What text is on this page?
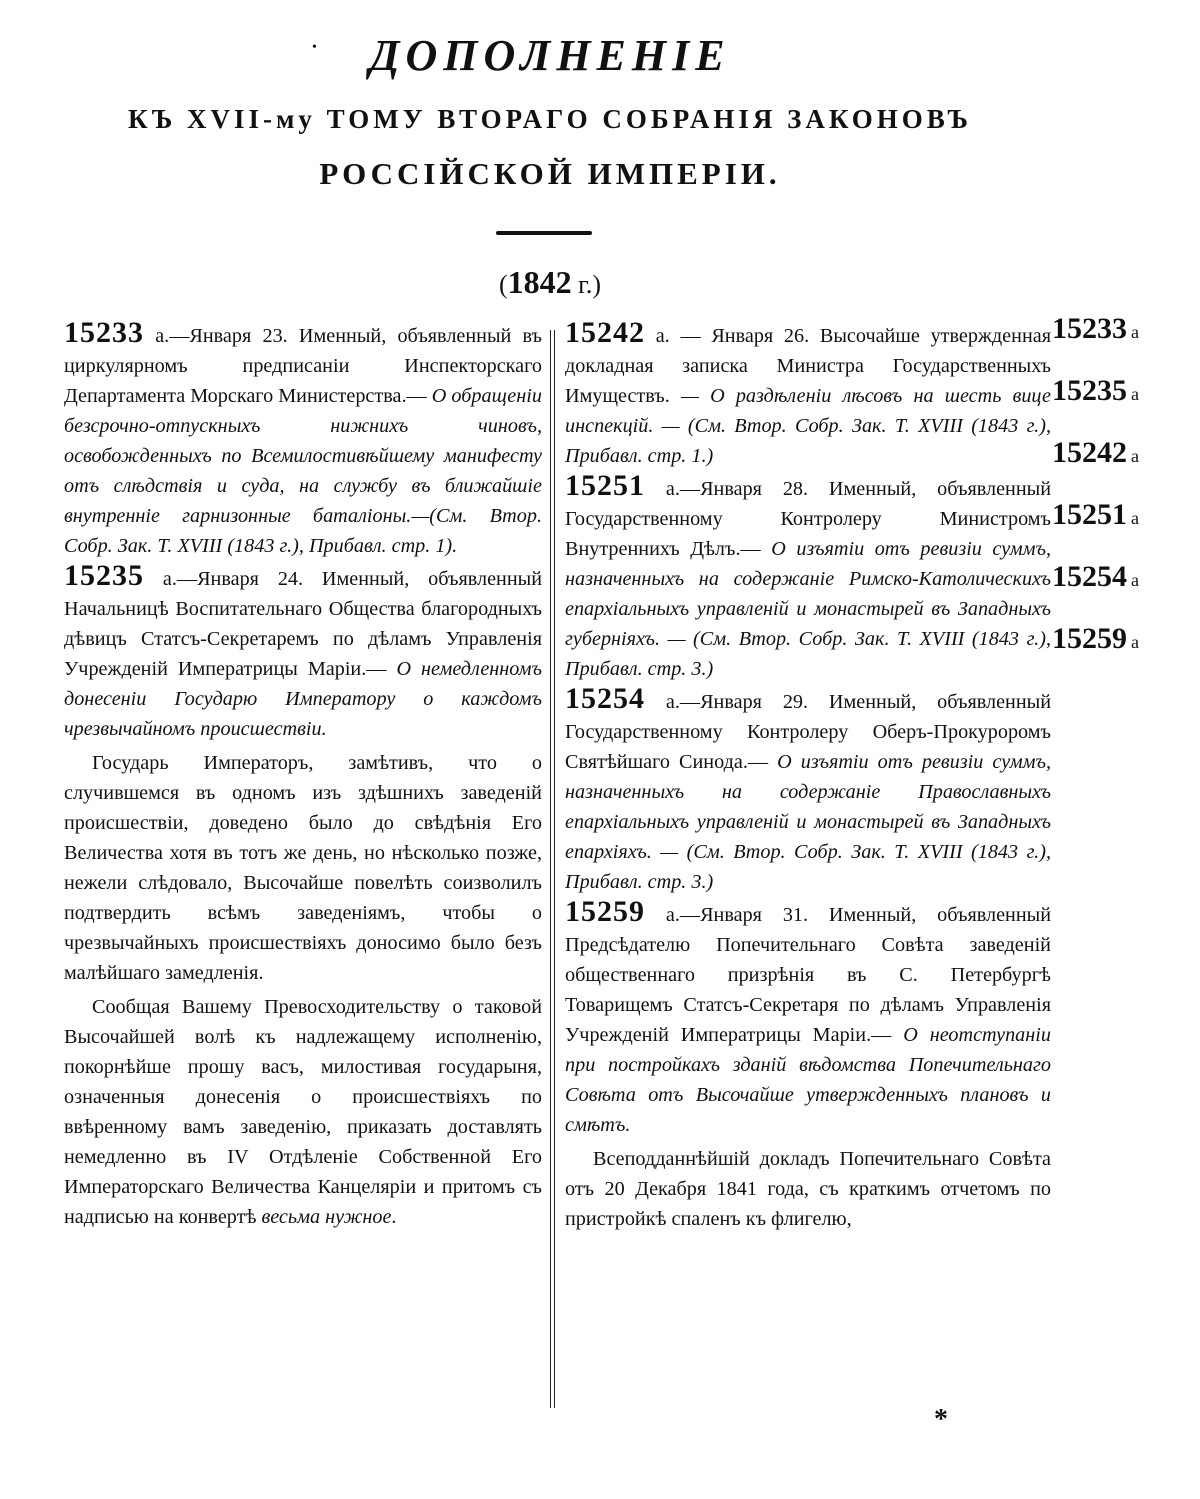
•	ДОПОЛНЕНІЕ
КЪ XVII-му ТОМУ ВТОРАГО СОБРАНІЯ ЗАКОНОВЪ
РОССІЙСКОЙ ИМПЕРІИ.
(1842 г.)

15233 а.—Января 23. Именный, объявленный въ циркулярномъ предписаніи Инспекторскаго Департамента Морскаго Министерства.— О обращеніи безсрочно-отпускныхъ нижнихъ чиновъ, освобожденныхъ по Всемилостивѣйшему манифесту отъ слѣдствія и суда, на службу въ ближайшіе внутренніе гарнизонные баталіоны.—(См. Втор. Собр. Зак. Т. XVIII (1843 г.), Прибавл. стр. 1).

15235 а.—Января 24. Именный, объявленный Начальницѣ Воспитательнаго Общества благородныхъ дѣвицъ Статсъ-Секретаремъ по дѣламъ Управленія Учрежденій Императрицы Маріи.— О немедленномъ донесеніи Государю Императору о каждомъ чрезвычайномъ происшествіи.

Государь Императоръ, замѣтивъ, что о случившемся въ одномъ изъ здѣшнихъ заведеній происшествіи, доведено было до свѣдѣнія Его Величества хотя въ тотъ же день, но нѣсколько позже, нежели слѣдовало, Высочайше повелѣть соизволилъ подтвердить всѣмъ заведеніямъ, чтобы о чрезвычайныхъ происшествіяхъ доносимо было безъ малѣйшаго замедленія.

Сообщая Вашему Превосходительству о таковой Высочайшей волѣ къ надлежащему исполненію, покорнѣйше прошу васъ, милостивая государыня, означенныя донесенія о происшествіяхъ по ввѣренному вамъ заведенію, приказать доставлять немедленно въ IV Отдѣленіе Собственной Его Императорскаго Величества Канцеляріи и притомъ съ надписью на конвертѣ весьма нужное.

15242 а. — Января 26. Высочайше утвержденная докладная записка Министра Государственныхъ Имуществъ. — О раздѣленіи лѣсовъ на шесть вице инспекцій. — (См. Втор. Собр. Зак. Т. XVIII (1843 г.), Прибавл. стр. 1.)

15251 а.—Января 28. Именный, объявленный Государственному Контролеру Министромъ Внутреннихъ Дѣлъ.— О изъятіи отъ ревизіи суммъ, назначенныхъ на содержаніе Римско-Католическихъ епархіальныхъ управленій и монастырей въ Западныхъ губерніяхъ. — (См. Втор. Собр. Зак. Т. XVIII (1843 г.), Прибавл. стр. 3.)

15254 а.—Января 29. Именный, объявленный Государственному Контролеру Оберъ-Прокуроромъ Святѣйшаго Синода.— О изъятіи отъ ревизіи суммъ, назначенныхъ на содержаніе Православныхъ епархіальныхъ управленій и монастырей въ Западныхъ епархіяхъ. — (См. Втор. Собр. Зак. Т. XVIII (1843 г.), Прибавл. стр. 3.)

15259 а.—Января 31. Именный, объявленный Предсѣдателю Попечительнаго Совѣта заведеній общественнаго призрѣнія въ С. Петербургѣ Товарищемъ Статсъ-Секретаря по дѣламъ Управленія Учрежденій Императрицы Маріи.— О неотступаніи при постройкахъ зданій вѣдомства Попечительнаго Совѣта отъ Высочайше утвержденныхъ плановъ и смѣтъ.

Всеподданнѣйшій докладъ Попечительнаго Совѣта отъ 20 Декабря 1841 года, съ краткимъ отчетомъ по пристройкѣ спаленъ къ флигелю,

15233 а
15235 а
15242 а
15251 а
15254 а
15259 а
*
